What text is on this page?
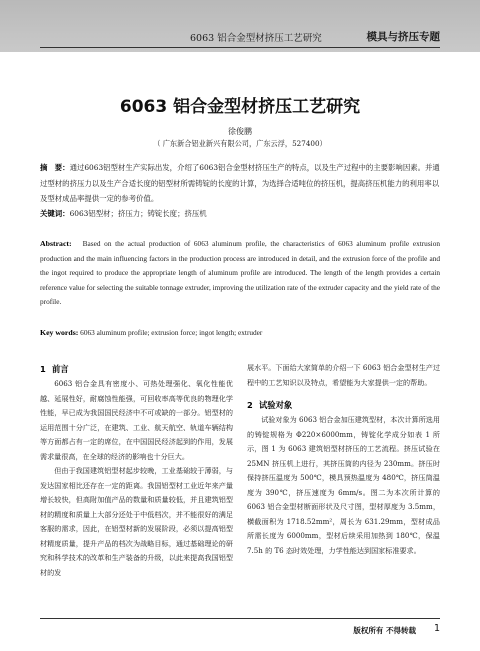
6063 铝合金型材挤压工艺研究	模具与挤压专题
6063 铝合金型材挤压工艺研究
徐俊鹏
（ 广东新合铝业新兴有限公司，广东云浮，527400）

摘　要：通过6063铝型材生产实际出发，介绍了6063铝合金型材挤压生产的特点，以及生产过程中的主要影响因素。并通过型材的挤压力以及生产合适长度的铝型材所需铸锭的长度的计算，为选择合适吨位的挤压机，提高挤压机能力的利用率以及型材成品率提供一定的参考价值。

关键词：6063铝型材；挤压力；铸锭长度；挤压机

Abstract: Based on the actual production of 6063 aluminum profile, the characteristics of 6063 aluminum profile extrusion production and the main influencing factors in the production process are introduced in detail, and the extrusion force of the profile and the ingot required to produce the appropriate length of aluminum profile are introduced. The length of the length provides a certain reference value for selecting the suitable tonnage extruder, improving the utilization rate of the extruder capacity and the yield rate of the profile.

Key words: 6063 aluminum profile; extrusion force; ingot length; extruder

1 前言

6063 铝合金具有密度小、可热处理强化、氧化性能优越、延展性好，耐腐蚀性能强，可回收率高等优良的物理化学性能，早已成为我国国民经济中不可或缺的一部分。铝型材的运用范围十分广泛，在建筑、工业、航天航空、轨道车辆结构等方面都占有一定的席位，在中国国民经济起到的作用，发展需求量很高，在全球的经济的影响也十分巨大。

但由于我国建筑铝型材起步较晚，工业基础较于薄弱，与发达国家相比还存在一定的距离。我国铝型材工业近年来产量增长较快，但高附加值产品的数量和质量较低，并且建筑铝型材的精度和质量上大部分还处于中低档次，并不能很好的满足客服的需求，因此，在铝型材新的发展阶段，必须以提高铝型材精度质量，提升产品的档次为战略目标，通过基础理论的研究和科学技术的改革和生产装备的升级，以此来提高我国铝型材的发

展水平。下面给大家简单的介绍一下 6063 铝合金型材生产过程中的工艺知识以及特点，希望能为大家提供一定的帮助。

2 试验对象

试验对象为 6063 铝合金加压建筑型材，本次计算所选用的铸锭规格为 Φ220×6000mm，铸锭化学成分如表 1 所示，图 1 为 6063 建筑铝型材挤压的工艺流程。挤压试验在 25MN 挤压机上进行，其挤压筒的内径为 230mm。挤压时保持挤压温度为 500℃，模具预热温度为 480℃，挤压筒温度为 390℃，挤压速度为 6mm/s。图二为本次所计算的 6063 铝合金型材断面形状及尺寸图，型材厚度为 3.5mm，横截面积为 1718.52mm²，周长为 631.29mm，型材成品所需长度为 6000mm，型材后续采用加热到 180℃，保温 7.5h 的 T6 态时效处理，力学性能达到国家标准要求。

版权所有 不得转载 1
